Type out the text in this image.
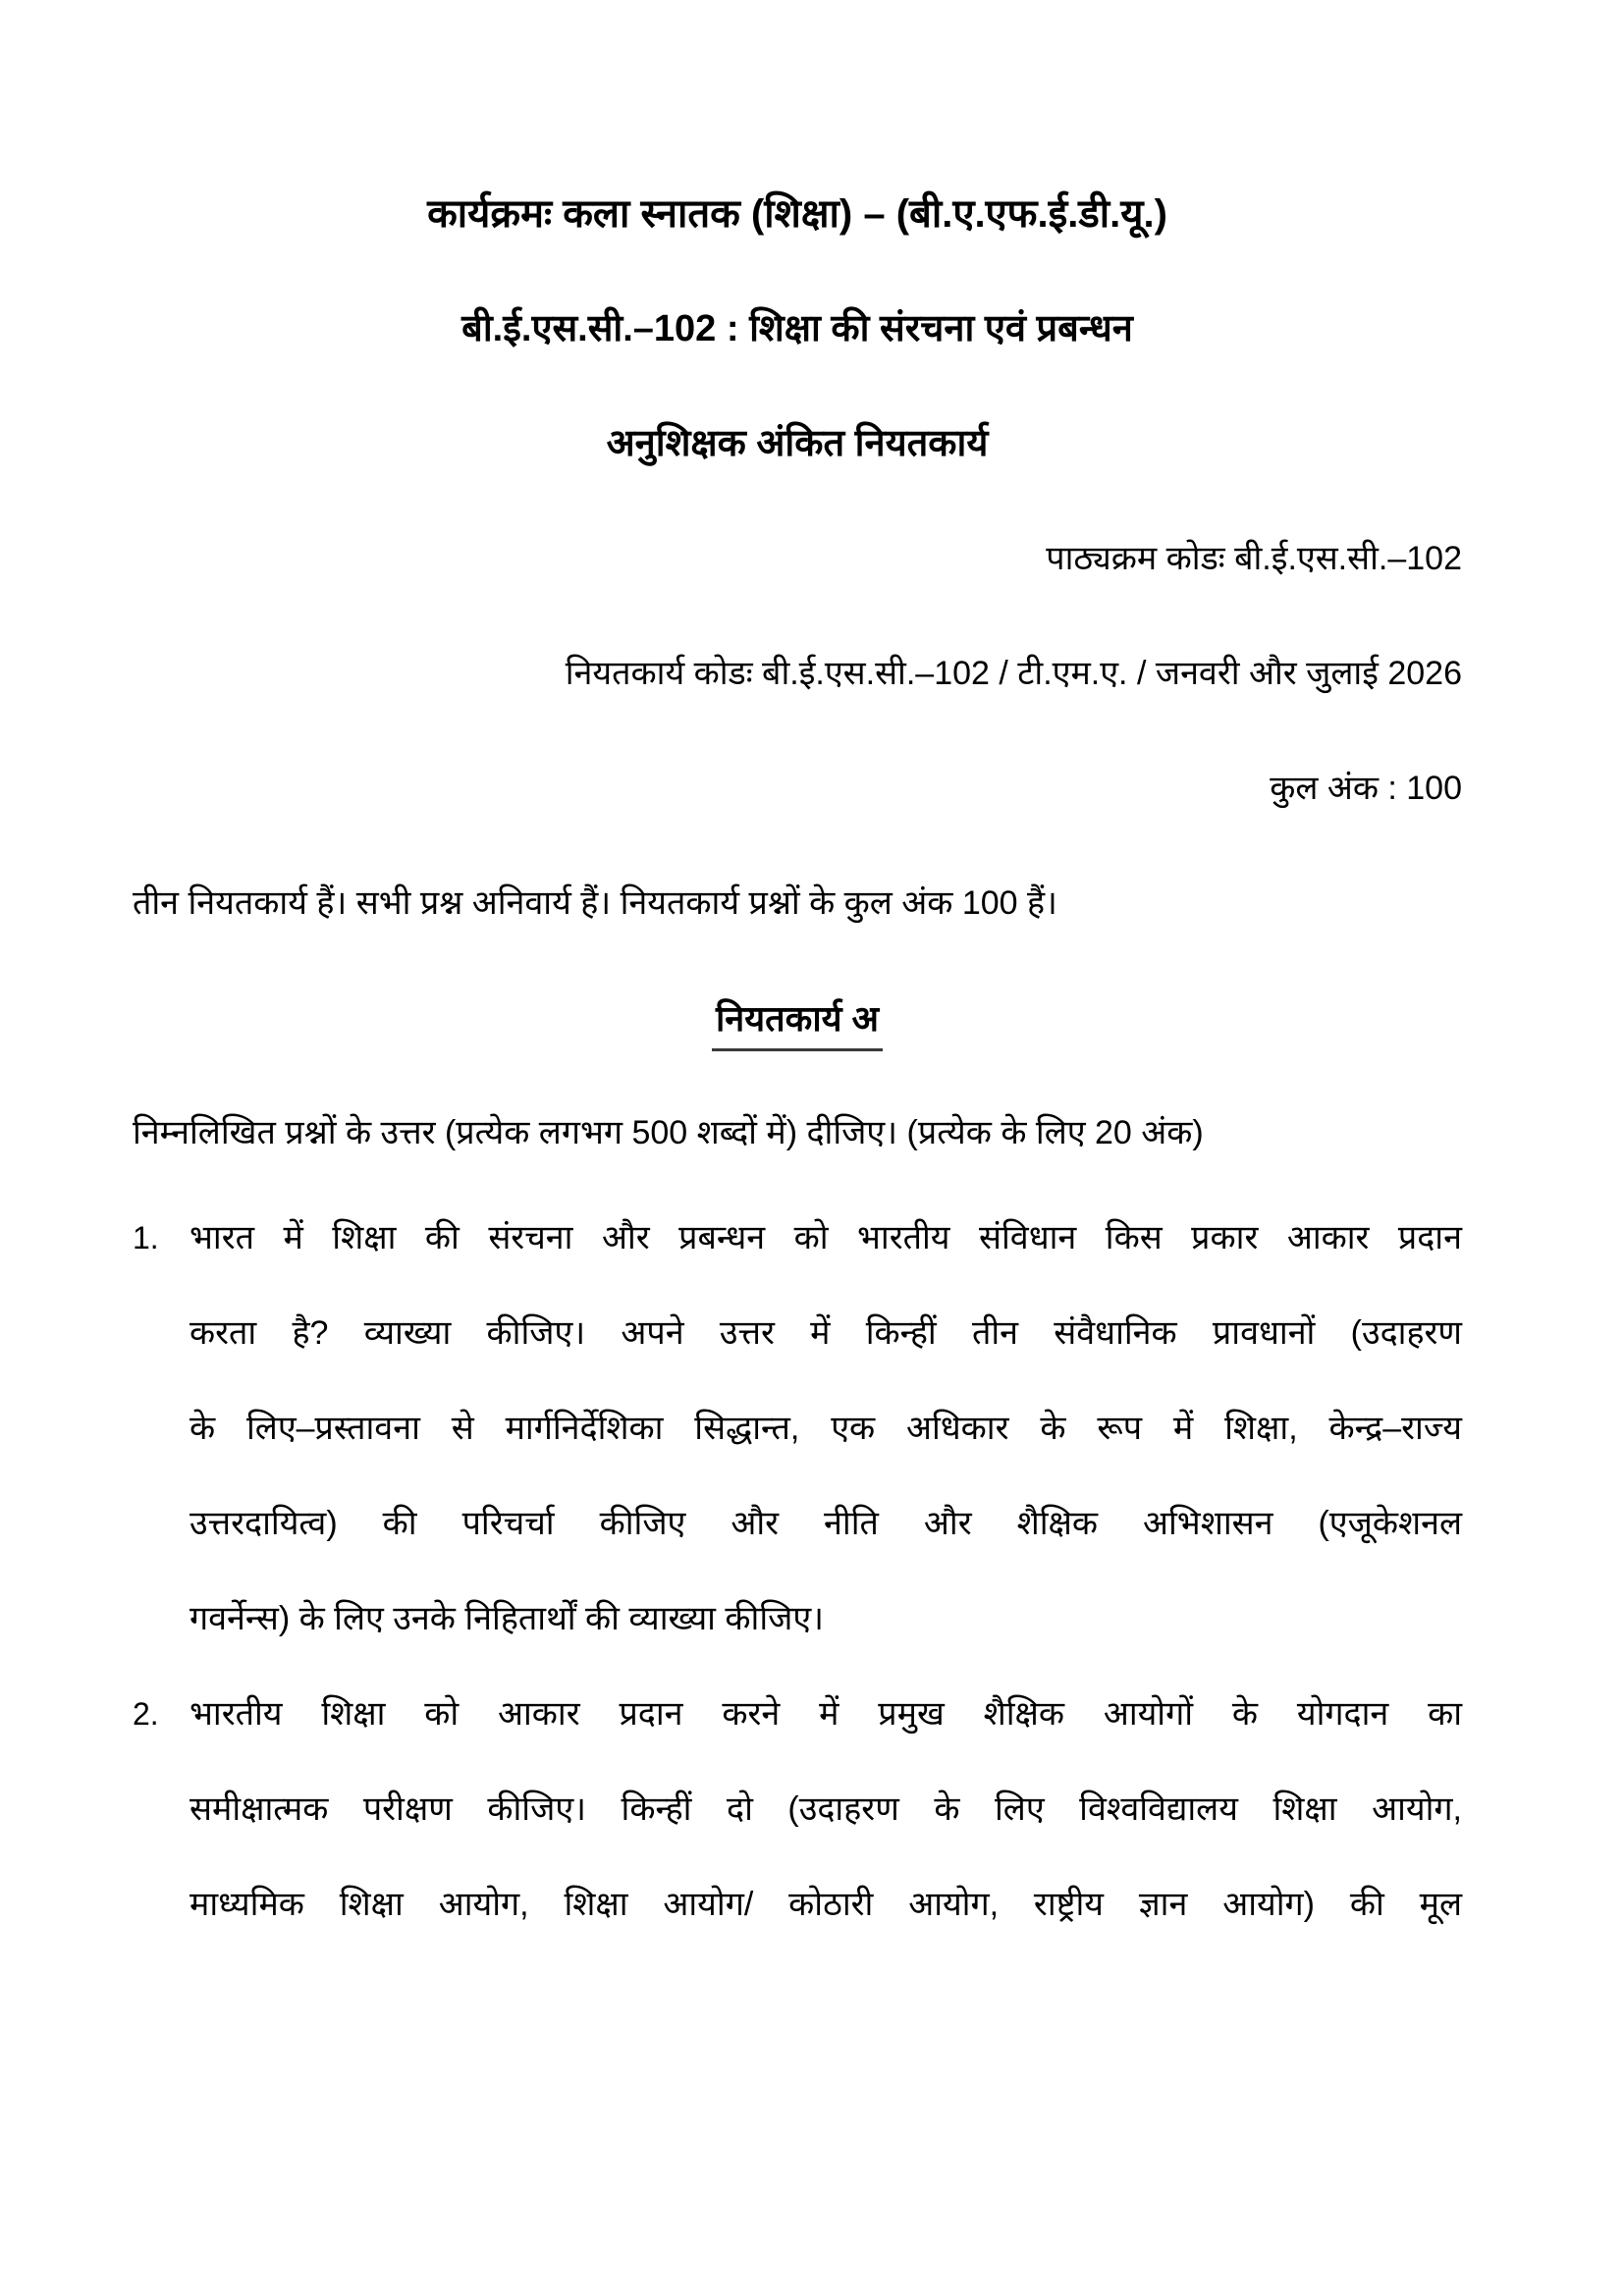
कार्यक्रमः कला स्नातक (शिक्षा) – (बी.ए.एफ.ई.डी.यू.)
बी.ई.एस.सी.–102 : शिक्षा की संरचना एवं प्रबन्धन
अनुशिक्षक अंकित नियतकार्य
पाठ्यक्रम कोडः बी.ई.एस.सी.–102
नियतकार्य कोडः बी.ई.एस.सी.–102 / टी.एम.ए. / जनवरी और जुलाई 2026
कुल अंक : 100
तीन नियतकार्य हैं। सभी प्रश्न अनिवार्य हैं। नियतकार्य प्रश्नों के कुल अंक 100 हैं।
नियतकार्य अ
निम्नलिखित प्रश्नों के उत्तर (प्रत्येक लगभग 500 शब्दों में) दीजिए। (प्रत्येक के लिए 20 अंक)
1. भारत में शिक्षा की संरचना और प्रबन्धन को भारतीय संविधान किस प्रकार आकार प्रदान
करता है? व्याख्या कीजिए। अपने उत्तर में किन्हीं तीन संवैधानिक प्रावधानों (उदाहरण
के लिए–प्रस्तावना से मार्गनिर्देशिका सिद्धान्त, एक अधिकार के रूप में शिक्षा, केन्द्र–राज्य
उत्तरदायित्व) की परिचर्चा कीजिए और नीति और शैक्षिक अभिशासन (एजूकेशनल
गवर्नेन्स) के लिए उनके निहितार्थों की व्याख्या कीजिए।
2. भारतीय शिक्षा को आकार प्रदान करने में प्रमुख शैक्षिक आयोगों के योगदान का
समीक्षात्मक परीक्षण कीजिए। किन्हीं दो (उदाहरण के लिए विश्वविद्यालय शिक्षा आयोग,
माध्यमिक शिक्षा आयोग, शिक्षा आयोग/ कोठारी आयोग, राष्ट्रीय ज्ञान आयोग) की मूल
